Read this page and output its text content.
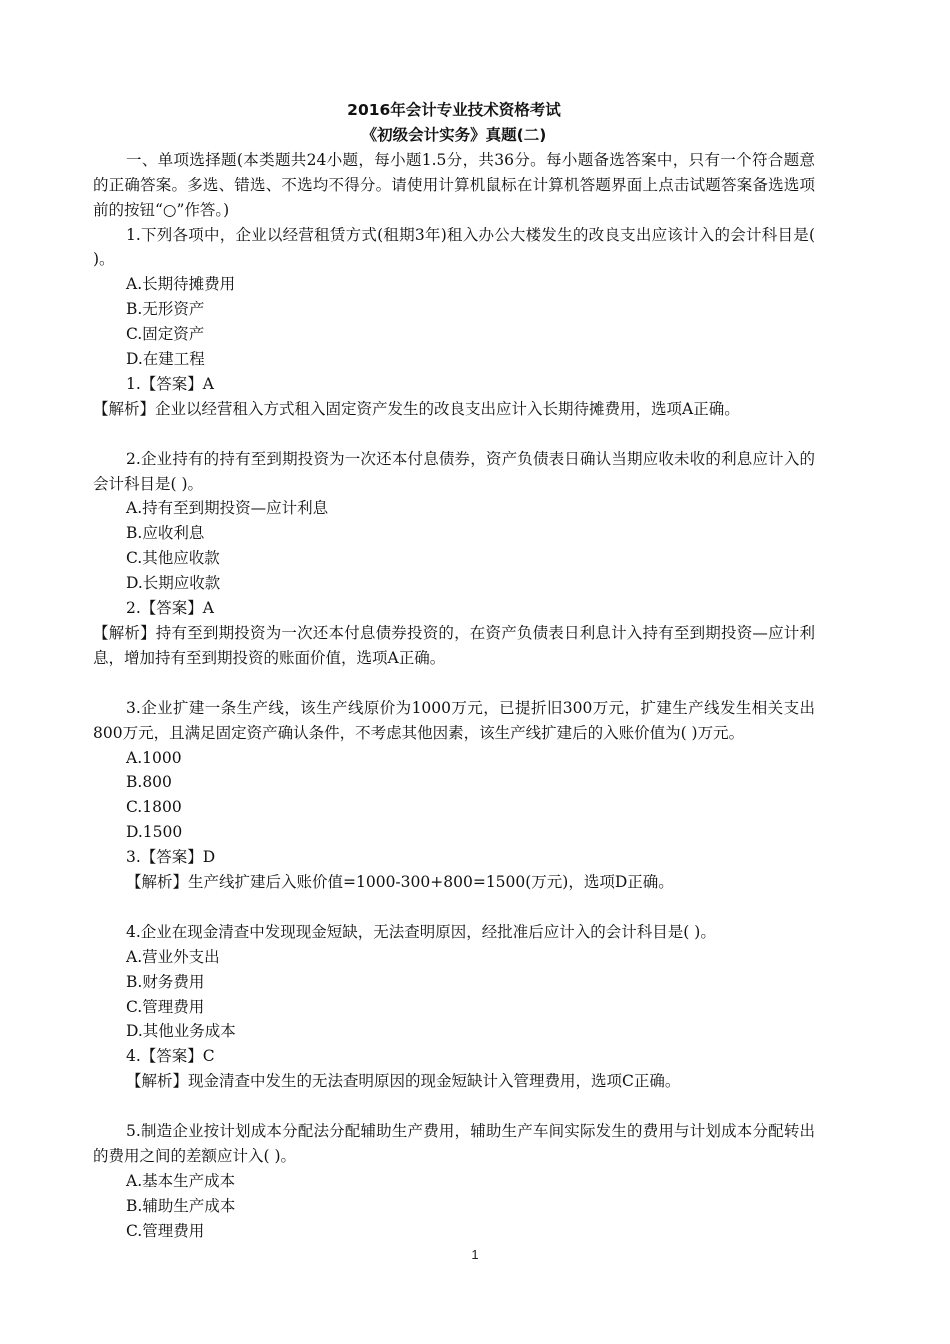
2016年会计专业技术资格考试
《初级会计实务》真题(二)

一、单项选择题(本类题共24小题，每小题1.5分，共36分。每小题备选答案中，只有一个符合题意的正确答案。多选、错选、不选均不得分。请使用计算机鼠标在计算机答题界面上点击试题答案备选选项前的按钮“○”作答。)

1.下列各项中，企业以经营租赁方式(租期3年)租入办公大楼发生的改良支出应该计入的会计科目是( )。

A.长期待摊费用

B.无形资产

C.固定资产

D.在建工程

1.【答案】A

【解析】企业以经营租入方式租入固定资产发生的改良支出应计入长期待摊费用，选项A正确。

2.企业持有的持有至到期投资为一次还本付息债券，资产负债表日确认当期应收未收的利息应计入的会计科目是( )。

A.持有至到期投资—应计利息

B.应收利息

C.其他应收款

D.长期应收款

2.【答案】A

【解析】持有至到期投资为一次还本付息债券投资的，在资产负债表日利息计入持有至到期投资—应计利息，增加持有至到期投资的账面价值，选项A正确。

3.企业扩建一条生产线，该生产线原价为1000万元，已提折旧300万元，扩建生产线发生相关支出800万元，且满足固定资产确认条件，不考虑其他因素，该生产线扩建后的入账价值为( )万元。

A.1000

B.800

C.1800

D.1500

3.【答案】D

【解析】生产线扩建后入账价值=1000-300+800=1500(万元)，选项D正确。

4.企业在现金清查中发现现金短缺，无法查明原因，经批准后应计入的会计科目是( )。

A.营业外支出

B.财务费用

C.管理费用

D.其他业务成本

4.【答案】C

【解析】现金清查中发生的无法查明原因的现金短缺计入管理费用，选项C正确。

5.制造企业按计划成本分配法分配辅助生产费用，辅助生产车间实际发生的费用与计划成本分配转出的费用之间的差额应计入( )。

A.基本生产成本

B.辅助生产成本

C.管理费用

1
